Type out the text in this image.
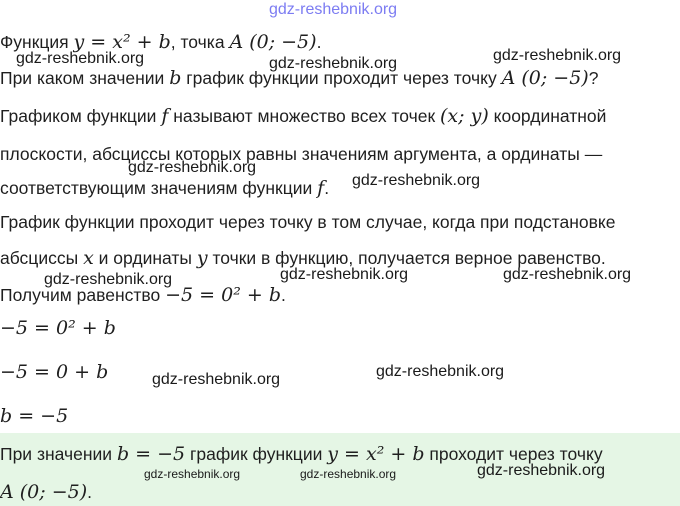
gdz-reshebnik.org
Функция y = x² + b, точка A (0; −5).
При каком значении b график функции проходит через точку A (0; −5)?
Графиком функции f называют множество всех точек (x; y) координатной
плоскости, абсциссы которых равны значениям аргумента, а ординаты —
соответствующим значениям функции f.
График функции проходит через точку в том случае, когда при подстановке
абсциссы x и ординаты y точки в функцию, получается верное равенство.
Получим равенство −5 = 0² + b.
−5 = 0² + b
−5 = 0 + b
b = −5
При значении b = −5 график функции y = x² + b проходит через точку
A (0; −5).
gdz-reshebnik.org	gdz-reshebnik.org	gdz-reshebnik.org
gdz-reshebnik.org
gdz-reshebnik.org
gdz-reshebnik.org	gdz-reshebnik.org	gdz-reshebnik.org
gdz-reshebnik.org	gdz-reshebnik.org
gdz-reshebnik.org	gdz-reshebnik.org	gdz-reshebnik.org
